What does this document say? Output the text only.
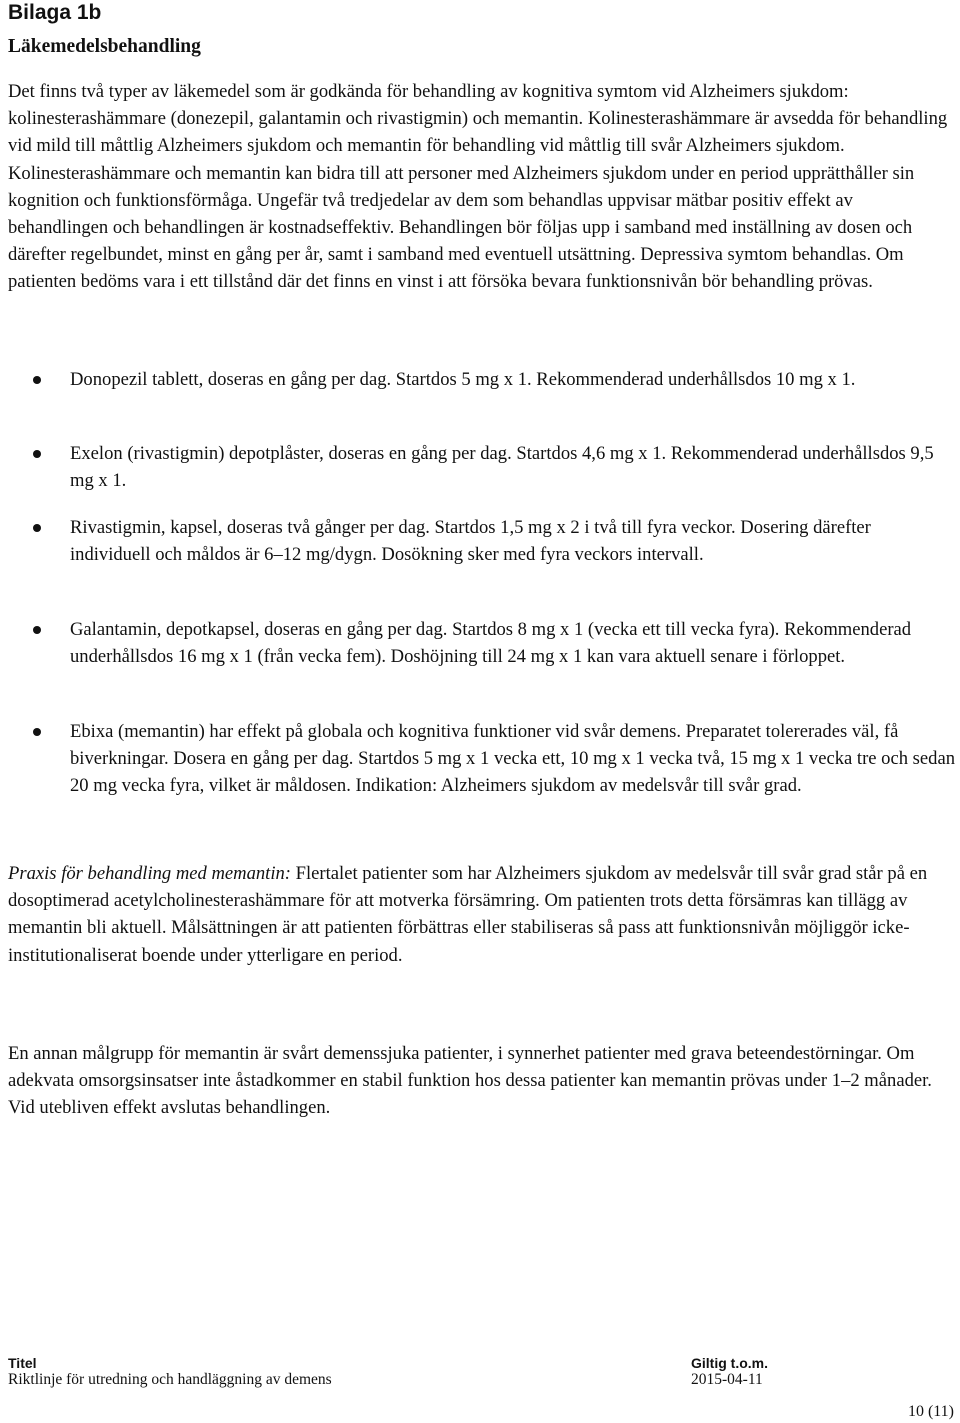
Bilaga 1b
Läkemedelsbehandling

Det finns två typer av läkemedel som är godkända för behandling av kognitiva symtom vid Alzheimers sjukdom: kolinesterashämmare (donezepil, galantamin och rivastigmin) och memantin. Kolinesterashämmare är avsedda för behandling vid mild till måttlig Alzheimers sjukdom och memantin för behandling vid måttlig till svår Alzheimers sjukdom. Kolinesterashämmare och memantin kan bidra till att personer med Alzheimers sjukdom under en period upprätthåller sin kognition och funktionsförmåga. Ungefär två tredjedelar av dem som behandlas uppvisar mätbar positiv effekt av behandlingen och behandlingen är kostnadseffektiv. Behandlingen bör följas upp i samband med inställning av dosen och därefter regelbundet, minst en gång per år, samt i samband med eventuell utsättning. Depressiva symtom behandlas. Om patienten bedöms vara i ett tillstånd där det finns en vinst i att försöka bevara funktionsnivån bör behandling prövas.

Donopezil tablett, doseras en gång per dag. Startdos 5 mg x 1. Rekommenderad underhållsdos 10 mg x 1.
Exelon (rivastigmin) depotplåster, doseras en gång per dag. Startdos 4,6 mg x 1. Rekommenderad underhållsdos 9,5 mg x 1.
Rivastigmin, kapsel, doseras två gånger per dag. Startdos 1,5 mg x 2 i två till fyra veckor. Dosering därefter individuell och måldos är 6–12 mg/dygn. Dosökning sker med fyra veckors intervall.
Galantamin, depotkapsel, doseras en gång per dag. Startdos 8 mg x 1 (vecka ett till vecka fyra). Rekommenderad underhållsdos 16 mg x 1 (från vecka fem). Doshöjning till 24 mg x 1 kan vara aktuell senare i förloppet.
Ebixa (memantin) har effekt på globala och kognitiva funktioner vid svår demens. Preparatet tolererades väl, få biverkningar. Dosera en gång per dag. Startdos 5 mg x 1 vecka ett, 10 mg x 1 vecka två, 15 mg x 1 vecka tre och sedan 20 mg vecka fyra, vilket är måldosen. Indikation: Alzheimers sjukdom av medelsvår till svår grad.

Praxis för behandling med memantin: Flertalet patienter som har Alzheimers sjukdom av medelsvår till svår grad står på en dosoptimerad acetylcholinesterashämmare för att motverka försämring. Om patienten trots detta försämras kan tillägg av memantin bli aktuell. Målsättningen är att patienten förbättras eller stabiliseras så pass att funktionsnivån möjliggör icke-institutionaliserat boende under ytterligare en period.

En annan målgrupp för memantin är svårt demenssjuka patienter, i synnerhet patienter med grava beteendestörningar. Om adekvata omsorgsinsatser inte åstadkommer en stabil funktion hos dessa patienter kan memantin prövas under 1–2 månader. Vid utebliven effekt avslutas behandlingen.

Titel
Riktlinje för utredning och handläggning av demens
Giltig t.o.m.
2015-04-11
10 (11)
